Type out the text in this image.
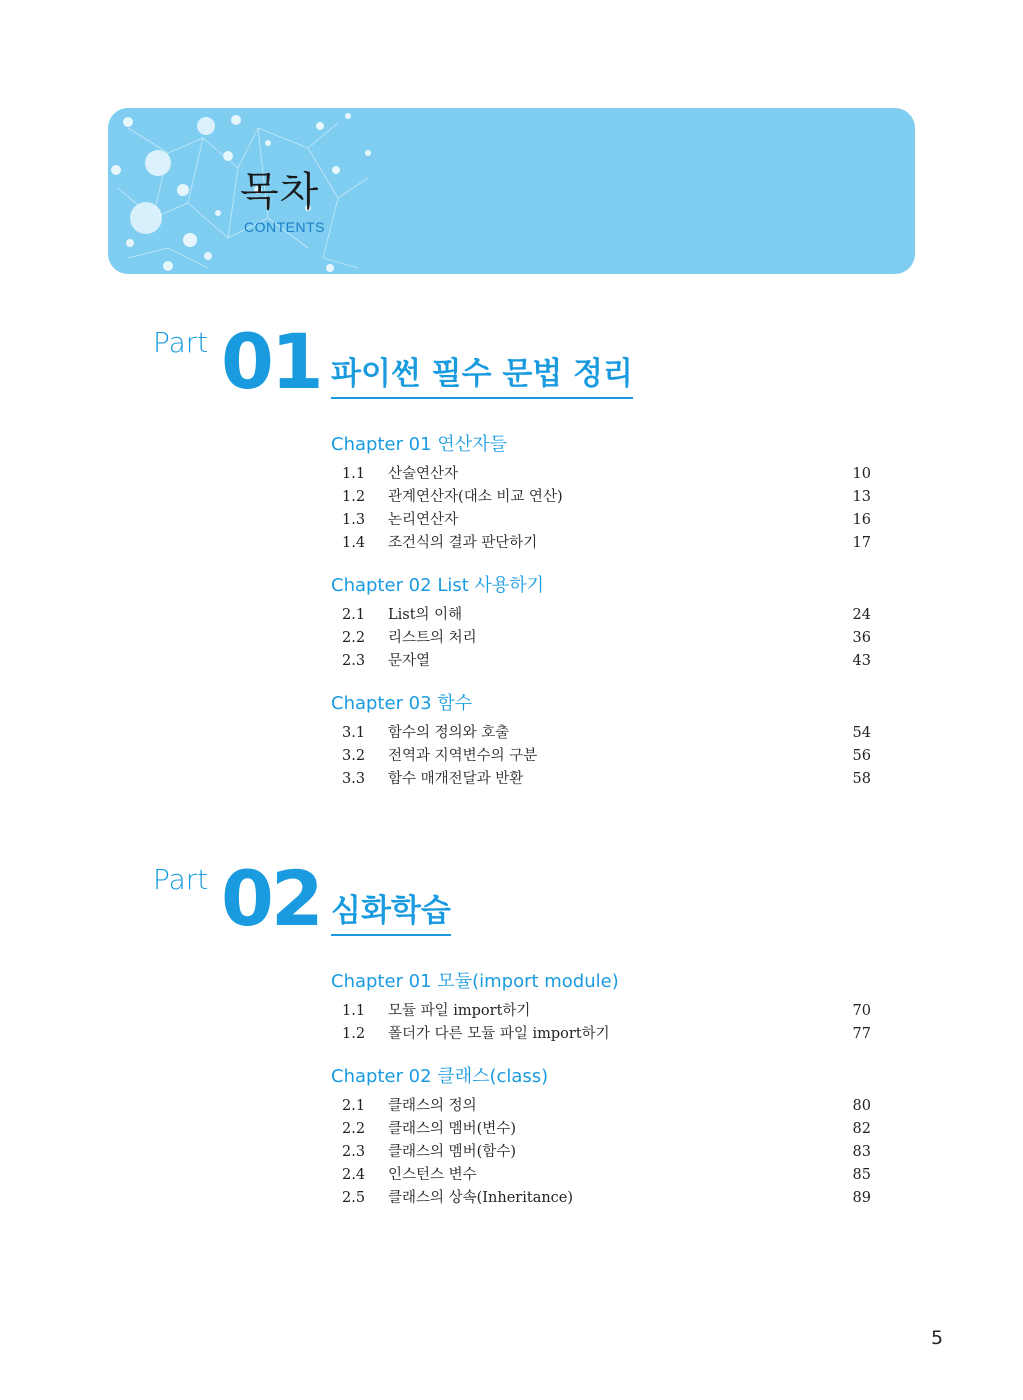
목차
CONTENTS
Part 01 파이썬 필수 문법 정리
Chapter 01 연산자들
1.1	산술연산자	10
1.2	관계연산자(대소 비교 연산)	13
1.3	논리연산자	16
1.4	조건식의 결과 판단하기	17
Chapter 02 List 사용하기
2.1	List의 이해	24
2.2	리스트의 처리	36
2.3	문자열	43
Chapter 03 함수
3.1	함수의 정의와 호출	54
3.2	전역과 지역변수의 구분	56
3.3	함수 매개전달과 반환	58
Part 02 심화학습
Chapter 01 모듈(import module)
1.1	모듈 파일 import하기	70
1.2	폴더가 다른 모듈 파일 import하기	77
Chapter 02 클래스(class)
2.1	클래스의 정의	80
2.2	클래스의 멤버(변수)	82
2.3	클래스의 멤버(함수)	83
2.4	인스턴스 변수	85
2.5	클래스의 상속(Inheritance)	89
5
